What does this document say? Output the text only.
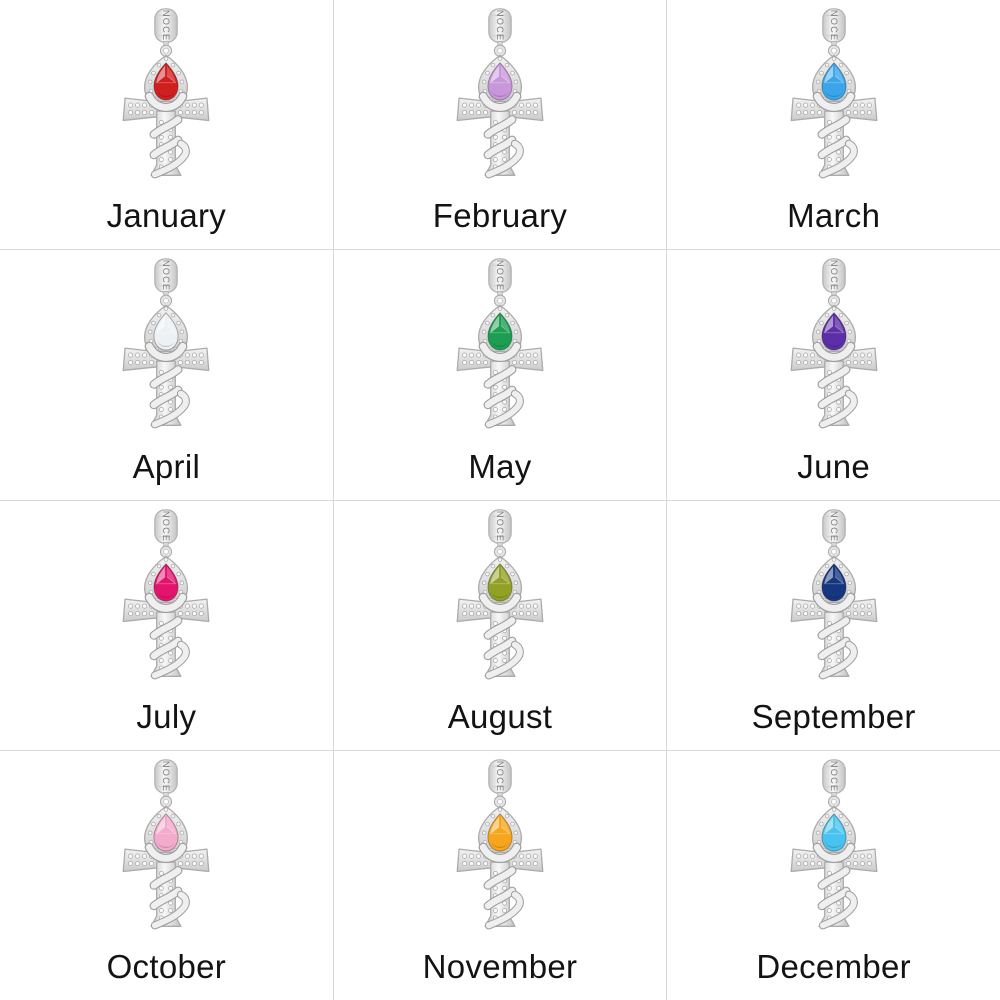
January	February	March
April	May	June
July	August	September
October	November	December
